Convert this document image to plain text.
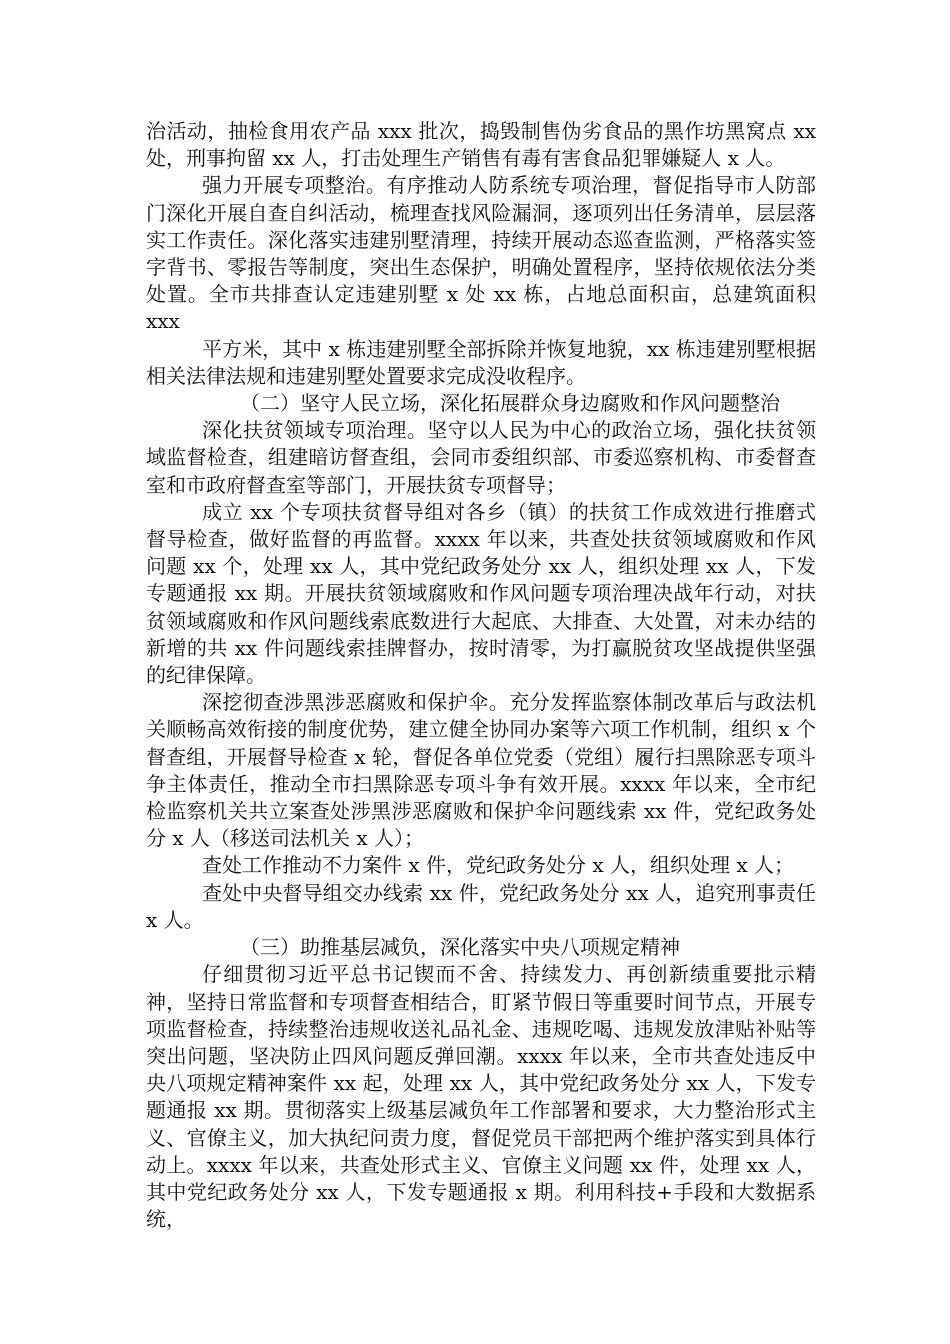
治活动，抽检食用农产品 xxx 批次，捣毁制售伪劣食品的黑作坊黑窝点 xx 处，刑事拘留 xx 人，打击处理生产销售有毒有害食品犯罪嫌疑人 x 人。

强力开展专项整治。有序推动人防系统专项治理，督促指导市人防部门深化开展自查自纠活动，梳理查找风险漏洞，逐项列出任务清单，层层落实工作责任。深化落实违建别墅清理，持续开展动态巡查监测，严格落实签字背书、零报告等制度，突出生态保护，明确处置程序，坚持依规依法分类处置。全市共排查认定违建别墅 x 处 xx 栋，占地总面积亩，总建筑面积 xxx

平方米，其中 x 栋违建别墅全部拆除并恢复地貌，xx 栋违建别墅根据相关法律法规和违建别墅处置要求完成没收程序。

（二）坚守人民立场，深化拓展群众身边腐败和作风问题整治

深化扶贫领域专项治理。坚守以人民为中心的政治立场，强化扶贫领域监督检查，组建暗访督查组，会同市委组织部、市委巡察机构、市委督查室和市政府督查室等部门，开展扶贫专项督导；

成立 xx 个专项扶贫督导组对各乡（镇）的扶贫工作成效进行推磨式督导检查，做好监督的再监督。xxxx 年以来，共查处扶贫领域腐败和作风问题 xx 个，处理 xx 人，其中党纪政务处分 xx 人，组织处理 xx 人，下发专题通报 xx 期。开展扶贫领域腐败和作风问题专项治理决战年行动，对扶贫领域腐败和作风问题线索底数进行大起底、大排查、大处置，对未办结的新增的共 xx 件问题线索挂牌督办，按时清零，为打赢脱贫攻坚战提供坚强的纪律保障。

深挖彻查涉黑涉恶腐败和保护伞。充分发挥监察体制改革后与政法机关顺畅高效衔接的制度优势，建立健全协同办案等六项工作机制，组织 x 个督查组，开展督导检查 x 轮，督促各单位党委（党组）履行扫黑除恶专项斗争主体责任，推动全市扫黑除恶专项斗争有效开展。xxxx 年以来，全市纪检监察机关共立案查处涉黑涉恶腐败和保护伞问题线索 xx 件，党纪政务处分 x 人（移送司法机关 x 人）；

查处工作推动不力案件 x 件，党纪政务处分 x 人，组织处理 x 人；

查处中央督导组交办线索 xx 件，党纪政务处分 xx 人，追究刑事责任 x 人。

（三）助推基层减负，深化落实中央八项规定精神

仔细贯彻习近平总书记锲而不舍、持续发力、再创新绩重要批示精神，坚持日常监督和专项督查相结合，盯紧节假日等重要时间节点，开展专项监督检查，持续整治违规收送礼品礼金、违规吃喝、违规发放津贴补贴等突出问题，坚决防止四风问题反弹回潮。xxxx 年以来，全市共查处违反中央八项规定精神案件 xx 起，处理 xx 人，其中党纪政务处分 xx 人，下发专题通报 xx 期。贯彻落实上级基层减负年工作部署和要求，大力整治形式主义、官僚主义，加大执纪问责力度，督促党员干部把两个维护落实到具体行动上。xxxx 年以来，共查处形式主义、官僚主义问题 xx 件，处理 xx 人，其中党纪政务处分 xx 人，下发专题通报 x 期。利用科技+手段和大数据系统，
